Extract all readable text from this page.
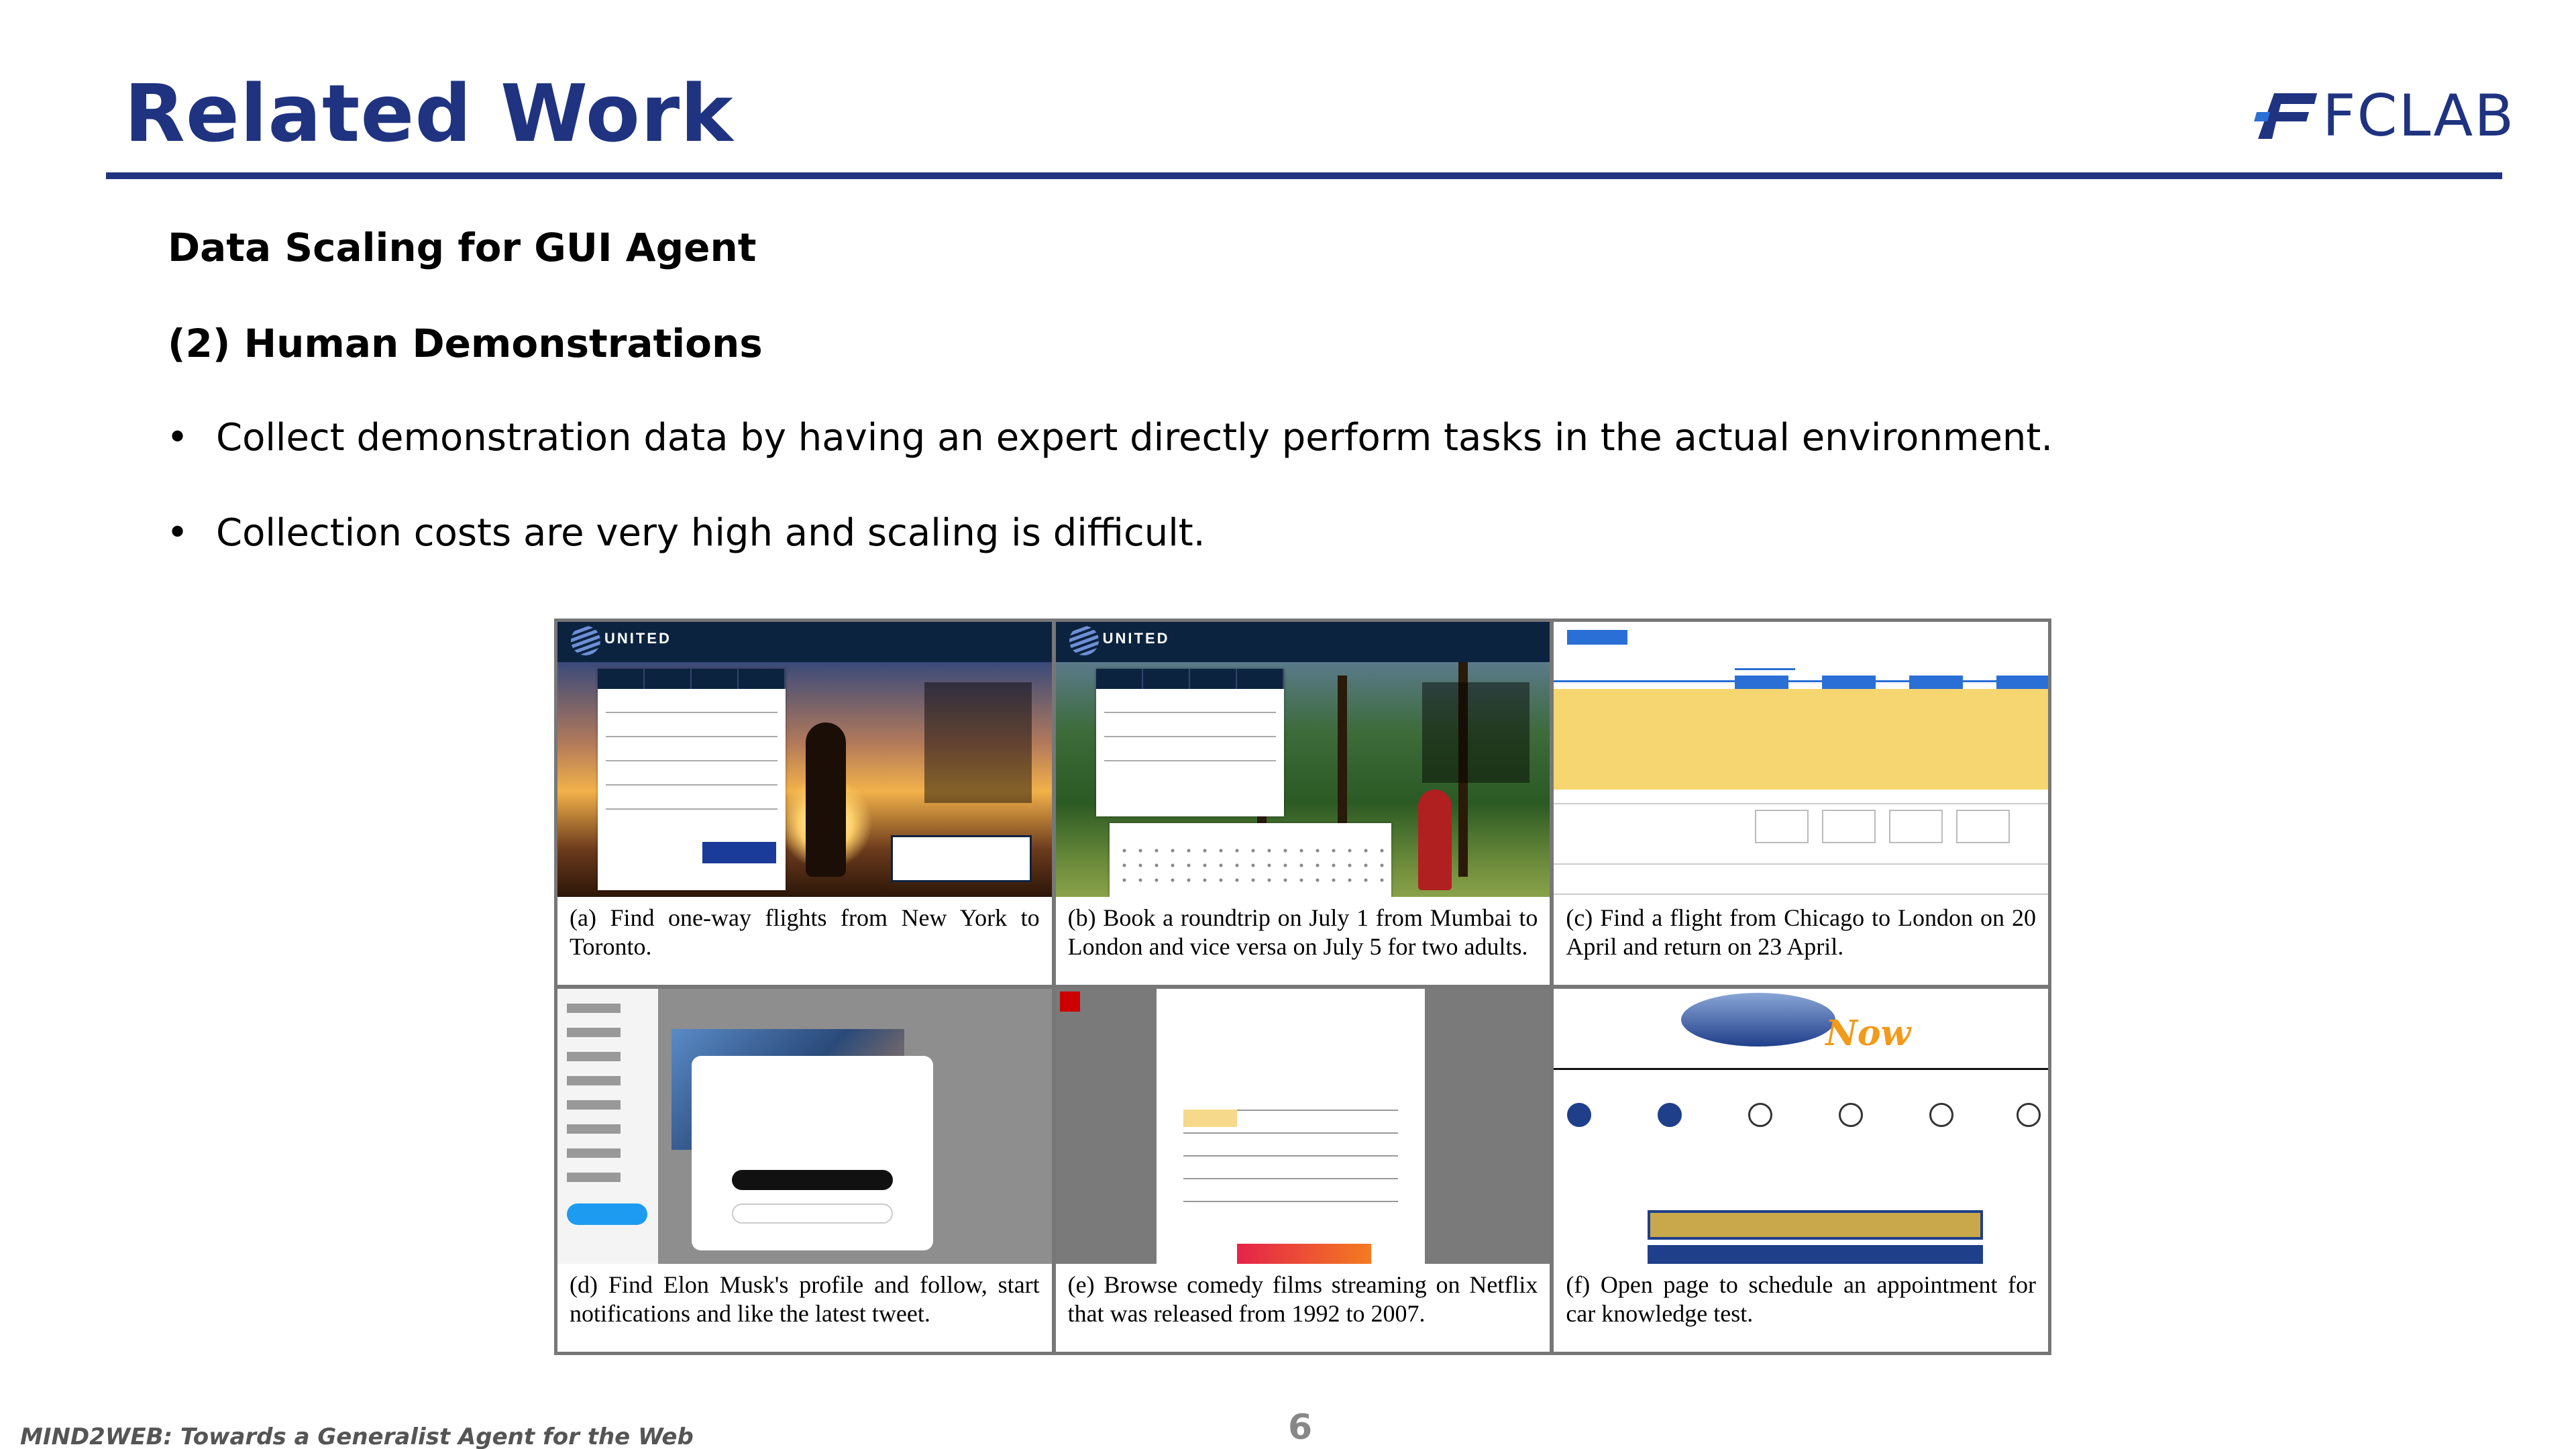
Related Work	FCLAB
Data Scaling for GUI Agent
(2) Human Demonstrations
• Collect demonstration data by having an expert directly perform tasks in the actual environment.
• Collection costs are very high and scaling is difficult.
UNITED
(a) Find one-way flights from New York to Toronto.
UNITED
(b) Book a roundtrip on July 1 from Mumbai to London and vice versa on July 5 for two adults.
(c) Find a flight from Chicago to London on 20 April and return on 23 April.
(d) Find Elon Musk's profile and follow, start notifications and like the latest tweet.
(e) Browse comedy films streaming on Netflix that was released from 1992 to 2007.
Now
(f) Open page to schedule an appointment for car knowledge test.
MIND2WEB: Towards a Generalist Agent for the Web	6
